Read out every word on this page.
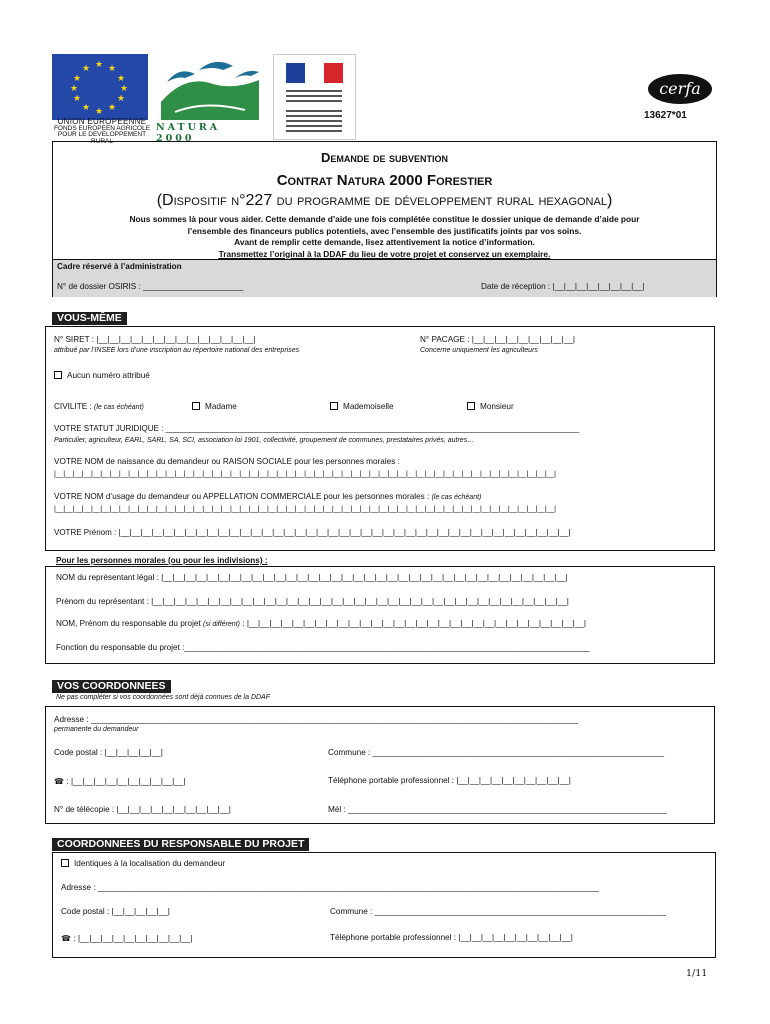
★ ★
★
★
★
★
★
★
★
★
★
★
UNION EUROPEENNE
FONDS EUROPEEN AGRICOLE
POUR LE DEVELOPPEMENT RURAL
NATURA 2000
cerfa
13627*01
Demande de subvention
Contrat Natura 2000 Forestier
(Dispositif n°227 du programme de développement rural hexagonal)
Nous sommes là pour vous aider. Cette demande d’aide une fois complétée constitue le dossier unique de demande d’aide pour
l’ensemble des financeurs publics potentiels, avec l’ensemble des justificatifs joints par vos soins.
Avant de remplir cette demande, lisez attentivement la notice d’information.
Transmettez l’original à la DDAF du lieu de votre projet et conservez un exemplaire.
Cadre réservé à l’administration
N° de dossier OSIRIS : ______________________	Date de réception : |__|__|__|__|__|__|__|__|
VOUS-MÊME
N° SIRET : |__|__|__|__|__|__|__|__|__|__|__|__|__|__|
attribué par l’INSEE lors d’une inscription au répertoire national des entreprises
N° PACAGE : |__|__|__|__|__|__|__|__|__|
Concerne uniquement les agriculteurs
Aucun numéro attribué
CIVILITE : (le cas échéant)	Madame	Mademoiselle	Monsieur
VOTRE STATUT JURIDIQUE : _____________________________________________________________________________________________
Particulier, agriculteur, EARL, SARL, SA, SCI, association loi 1901, collectivité, groupement de communes, prestataires privés, autres…
VOTRE NOM de naissance du demandeur ou RAISON SOCIALE pour les personnes morales :
|__|__|__|__|__|__|__|__|__|__|__|__|__|__|__|__|__|__|__|__|__|__|__|__|__|__|__|__|__|__|__|__|__|__|__|__|__|__|__|__|__|__|__|__|__|__|__|__|__|__|__|__|__|__|
VOTRE NOM d’usage du demandeur ou APPELLATION COMMERCIALE pour les personnes morales : (le cas échéant)
|__|__|__|__|__|__|__|__|__|__|__|__|__|__|__|__|__|__|__|__|__|__|__|__|__|__|__|__|__|__|__|__|__|__|__|__|__|__|__|__|__|__|__|__|__|__|__|__|__|__|__|__|__|__|
VOTRE Prénom : |__|__|__|__|__|__|__|__|__|__|__|__|__|__|__|__|__|__|__|__|__|__|__|__|__|__|__|__|__|__|__|__|__|__|__|__|__|__|__|__|__|
Pour les personnes morales (ou pour les indivisions) :
NOM du représentant légal : |__|__|__|__|__|__|__|__|__|__|__|__|__|__|__|__|__|__|__|__|__|__|__|__|__|__|__|__|__|__|__|__|__|__|__|__|
Prénom du représentant : |__|__|__|__|__|__|__|__|__|__|__|__|__|__|__|__|__|__|__|__|__|__|__|__|__|__|__|__|__|__|__|__|__|__|__|__|__|
NOM, Prénom du responsable du projet (si différent) : |__|__|__|__|__|__|__|__|__|__|__|__|__|__|__|__|__|__|__|__|__|__|__|__|__|__|__|__|__|__|
Fonction du responsable du projet :_________________________________________________________________________________________
VOS COORDONNEES
Ne pas compléter si vos coordonnées sont déjà connues de la DDAF
Adresse : ___________________________________________________________________________________________________________
permanente du demandeur
Code postal : |__|__|__|__|__|	Commune : ________________________________________________________________
☎ : |__|__|__|__|__|__|__|__|__|__|	Téléphone portable professionnel : |__|__|__|__|__|__|__|__|__|__|
N° de télécopie : |__|__|__|__|__|__|__|__|__|__|	Mél : ______________________________________________________________________
COORDONNEES DU RESPONSABLE DU PROJET
Identiques à la localisation du demandeur
Adresse : ______________________________________________________________________________________________________________
Code postal : |__|__|__|__|__|	Commune : ________________________________________________________________
☎ : |__|__|__|__|__|__|__|__|__|__|	Téléphone portable professionnel : |__|__|__|__|__|__|__|__|__|__|
1/11
